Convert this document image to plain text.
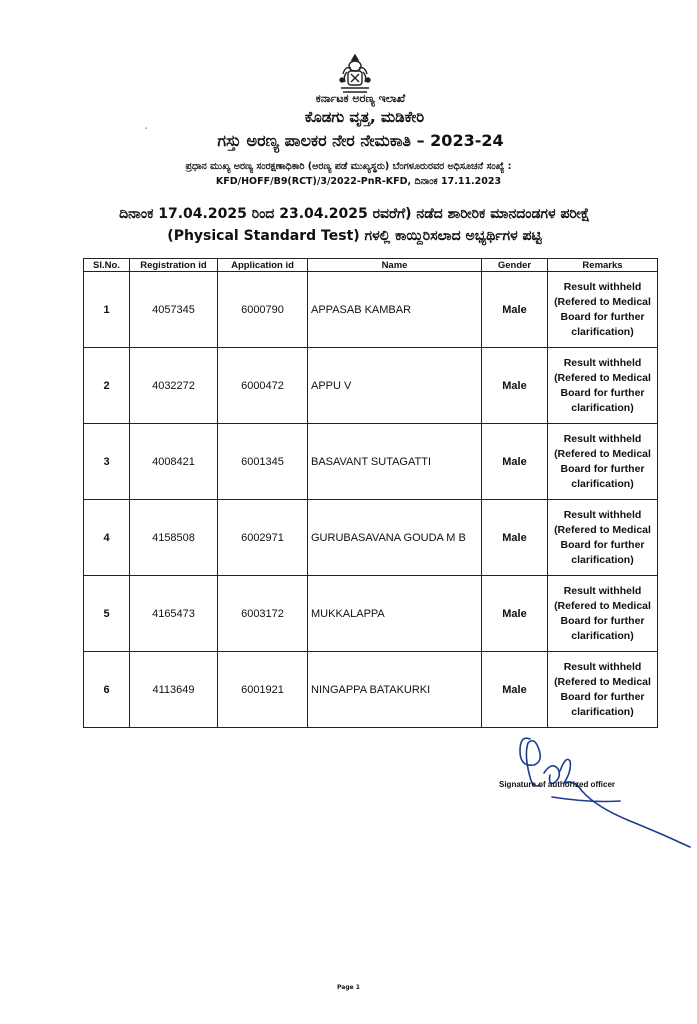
ಕರ್ನಾಟಕ ಅರಣ್ಯ ಇಲಾಖೆ
ಕೊಡಗು ವೃತ್ತ, ಮಡಿಕೇರಿ
ಗಸ್ತು ಅರಣ್ಯ ಪಾಲಕರ ನೇರ ನೇಮಕಾತಿ – 2023-24
ᐧ
ಪ್ರಧಾನ ಮುಖ್ಯ ಅರಣ್ಯ ಸಂರಕ್ಷಣಾಧಿಕಾರಿ (ಅರಣ್ಯ ಪಡೆ ಮುಖ್ಯಸ್ಥರು) ಬೆಂಗಳೂರುರವರ ಅಧಿಸೂಚನೆ ಸಂಖ್ಯೆ :
KFD/HOFF/B9(RCT)/3/2022-PnR-KFD, ದಿನಾಂಕ 17.11.2023
ದಿನಾಂಕ 17.04.2025 ರಿಂದ 23.04.2025 ರವರೆಗೆ) ನಡೆದ ಶಾರೀರಿಕ ಮಾನದಂಡಗಳ ಪರೀಕ್ಷೆ
(Physical Standard Test) ಗಳಲ್ಲಿ ಕಾಯ್ದಿರಿಸಲಾದ ಅಭ್ಯರ್ಥಿಗಳ ಪಟ್ಟಿ
Sl.No.	Registration id	Application id	Name	Gender	Remarks
1	4057345	6000790	APPASAB KAMBAR	Male	Result withheld
(Refered to Medical
Board for further
clarification)

2	4032272	6000472	APPU V	Male	Result withheld
(Refered to Medical
Board for further
clarification)

3	4008421	6001345	BASAVANT SUTAGATTI	Male	Result withheld
(Refered to Medical
Board for further
clarification)

4	4158508	6002971	GURUBASAVANA GOUDA M B	Male	Result withheld
(Refered to Medical
Board for further
clarification)

5	4165473	6003172	MUKKALAPPA	Male	Result withheld
(Refered to Medical
Board for further
clarification)

6	4113649	6001921	NINGAPPA BATAKURKI	Male	Result withheld
(Refered to Medical
Board for further
clarification)
Signature of authorized officer
Page 1
